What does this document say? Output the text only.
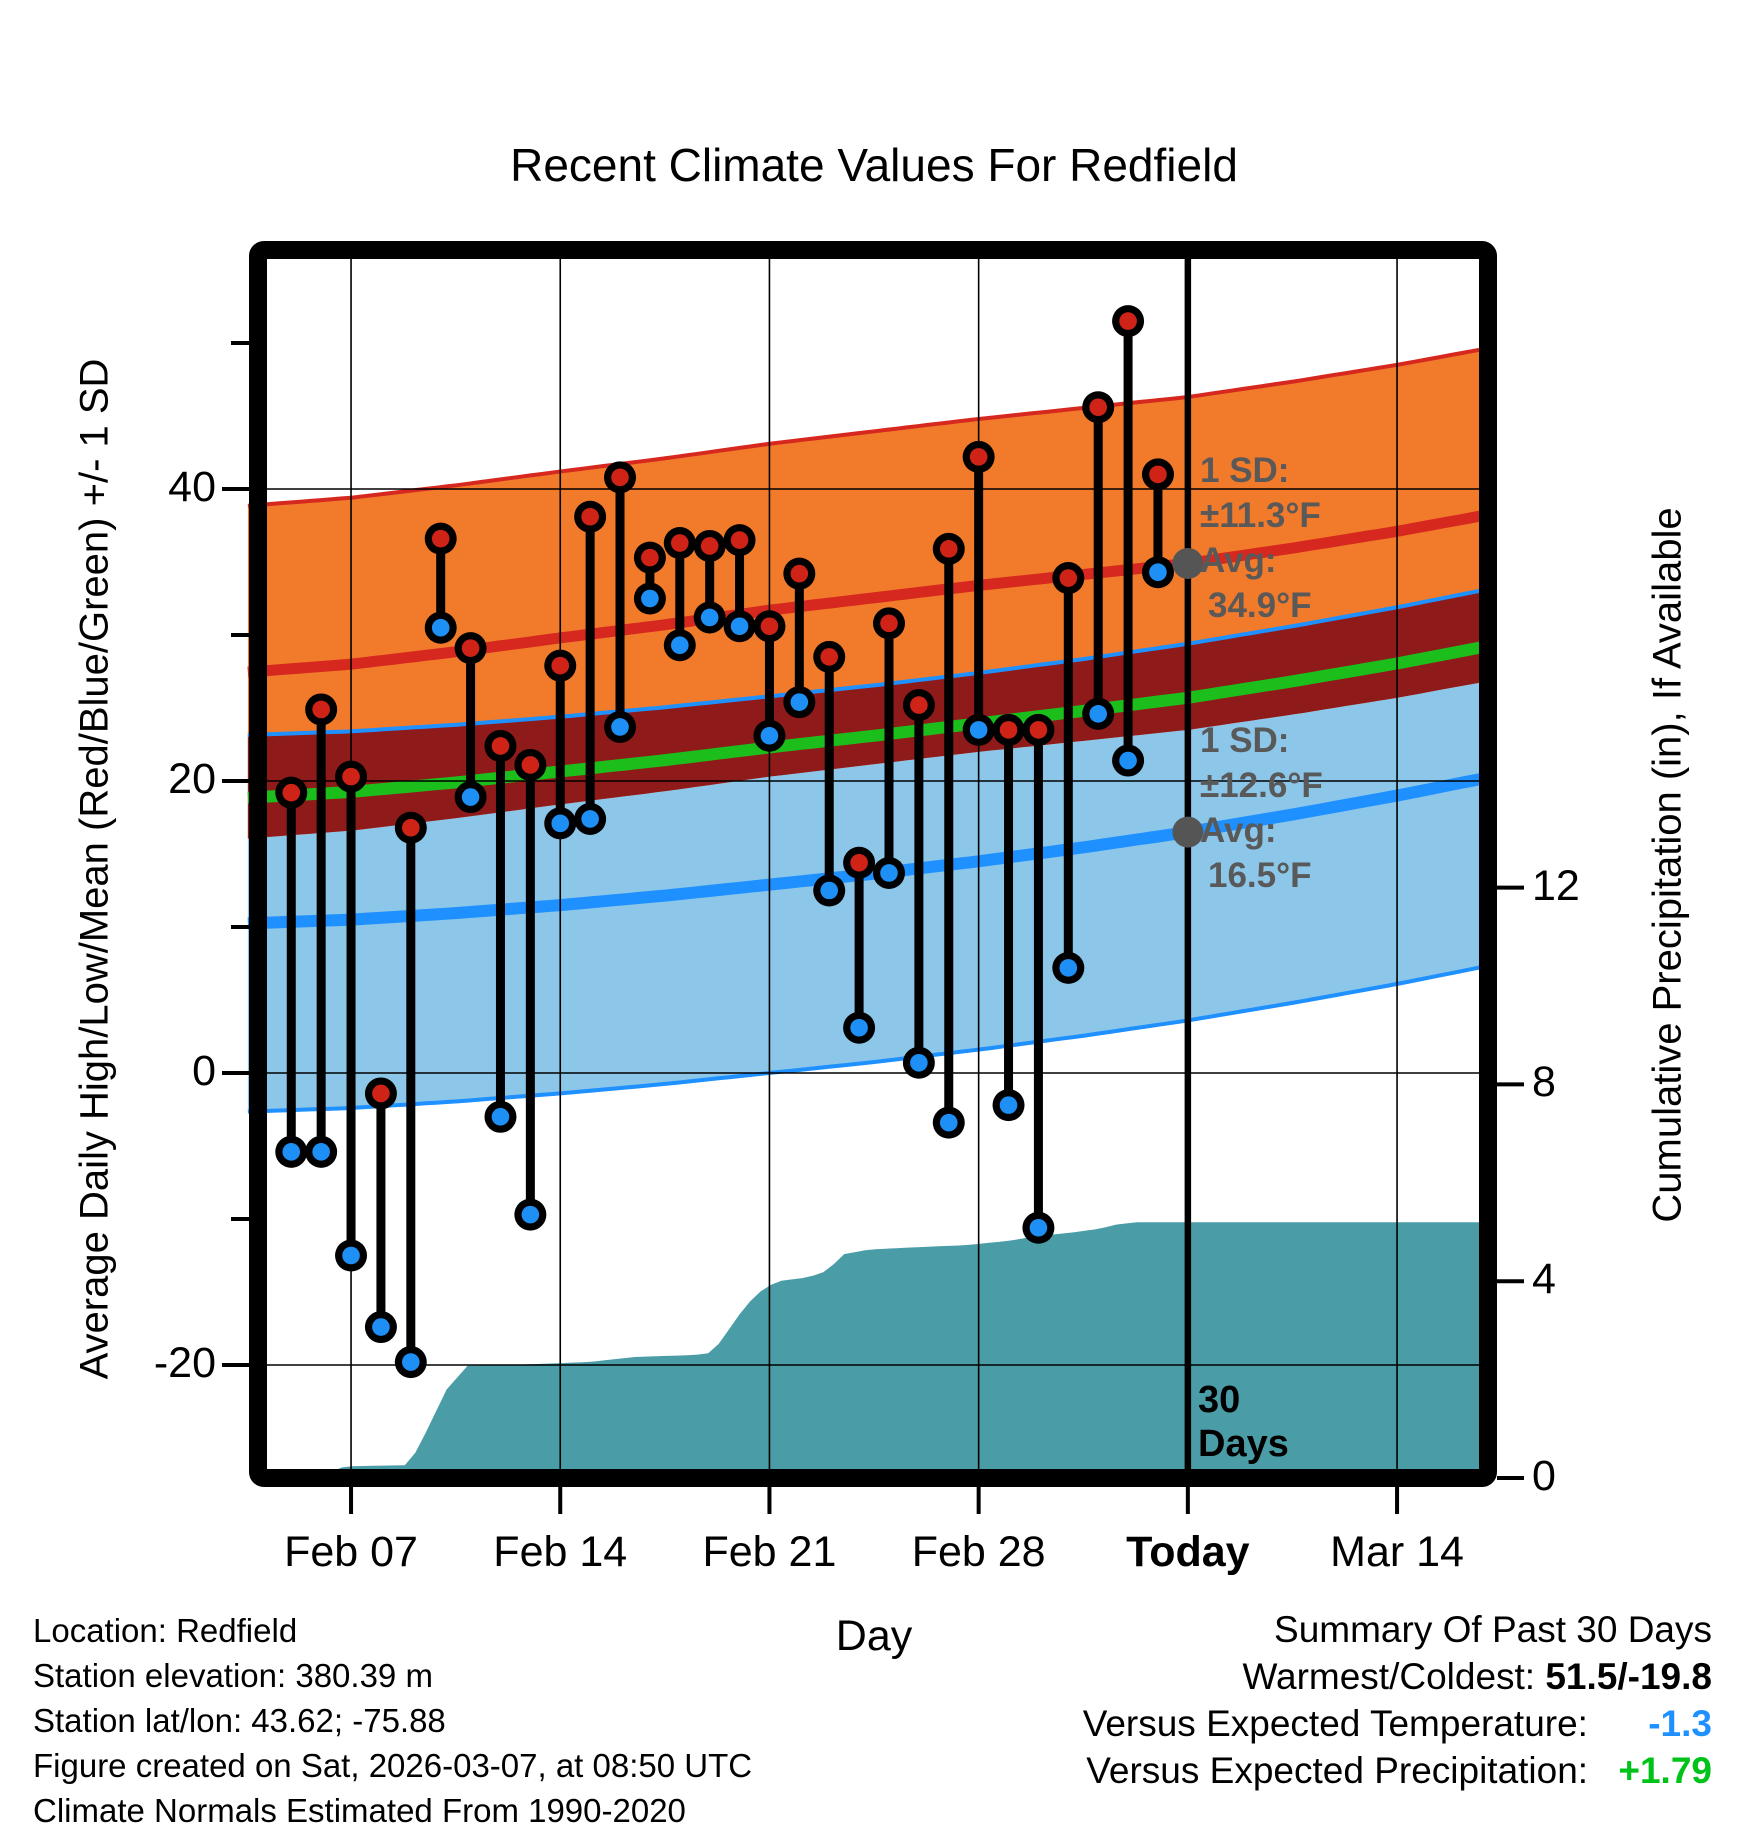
Recent Climate Values For Redfield
Average Daily High/Low/Mean (Red/Blue/Green) +/- 1 SD	Cumulative Precipitation (in), If Available
Day
1 SD:
±11.3°F
Avg:
34.9°F
1 SD:
±12.6°F
Avg:
16.5°F
30
Days
Location: Redfield
Station elevation: 380.39 m
Station lat/lon: 43.62; -75.88
Figure created on Sat, 2026-03-07, at 08:50 UTC
Climate Normals Estimated From 1990-2020
Summary Of Past 30 Days
Warmest/Coldest: 51.5/-19.8
Versus Expected Temperature: -1.3
Versus Expected Precipitation: +1.79
40
20
0
-20
12
8
4
0
Feb 07 Feb 14 Feb 21 Feb 28 Today Mar 14
